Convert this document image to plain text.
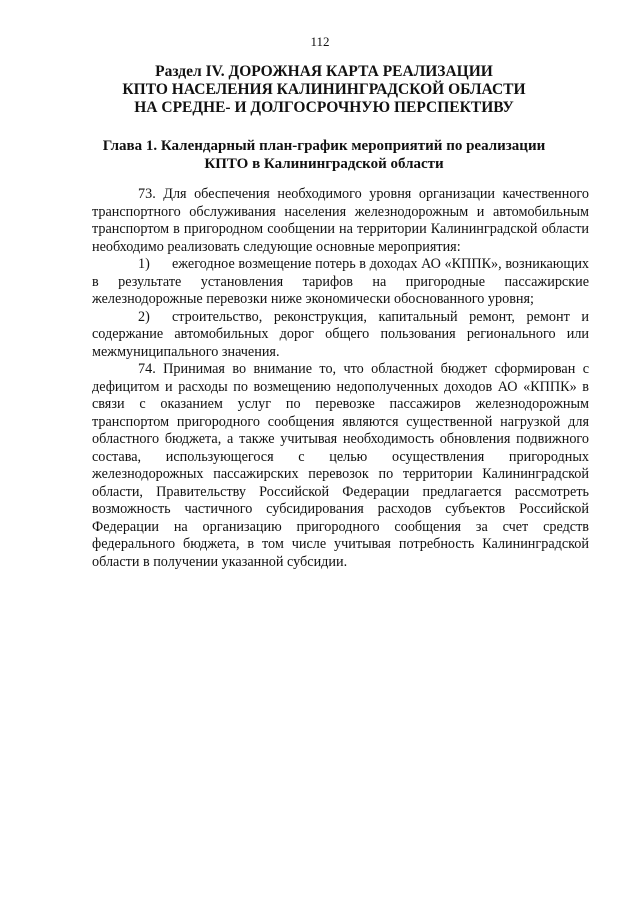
112
Раздел IV. ДОРОЖНАЯ КАРТА РЕАЛИЗАЦИИ
КПТО НАСЕЛЕНИЯ КАЛИНИНГРАДСКОЙ ОБЛАСТИ
НА СРЕДНЕ- И ДОЛГОСРОЧНУЮ ПЕРСПЕКТИВУ
Глава 1. Календарный план-график мероприятий по реализации
КПТО в Калининградской области

73. Для обеспечения необходимого уровня организации качественного транспортного обслуживания населения железнодорожным и автомобильным транспортом в пригородном сообщении на территории Калининградской области необходимо реализовать следующие основные мероприятия:

1) ежегодное возмещение потерь в доходах АО «КППК», возникающих в результате установления тарифов на пригородные пассажирские железнодорожные перевозки ниже экономически обоснованного уровня;

2) строительство, реконструкция, капитальный ремонт, ремонт и содержание автомобильных дорог общего пользования регионального или межмуниципального значения.

74. Принимая во внимание то, что областной бюджет сформирован с дефицитом и расходы по возмещению недополученных доходов АО «КППК» в связи с оказанием услуг по перевозке пассажиров железнодорожным транспортом пригородного сообщения являются существенной нагрузкой для областного бюджета, а также учитывая необходимость обновления подвижного состава, использующегося с целью осуществления пригородных железнодорожных пассажирских перевозок по территории Калининградской области, Правительству Российской Федерации предлагается рассмотреть возможность частичного субсидирования расходов субъектов Российской Федерации на организацию пригородного сообщения за счет средств федерального бюджета, в том числе учитывая потребность Калининградской области в получении указанной субсидии.
